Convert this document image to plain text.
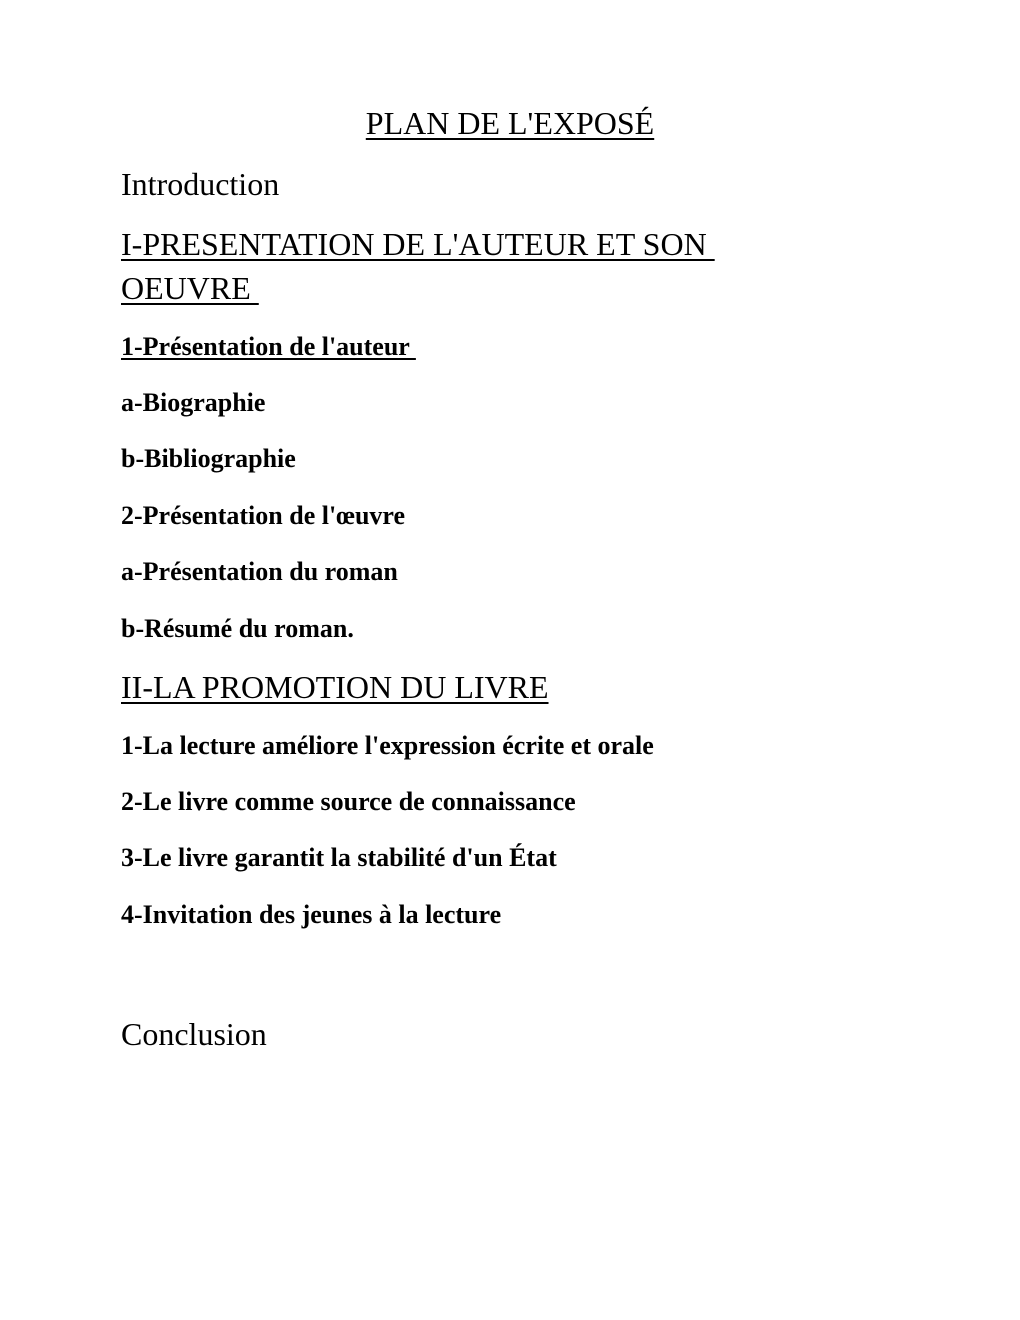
PLAN DE L'EXPOSÉ

Introduction

I-PRESENTATION DE L'AUTEUR ET SON

OEUVRE

1-Présentation de l'auteur

a-Biographie

b-Bibliographie

2-Présentation de l'œuvre

a-Présentation du roman

b-Résumé du roman.

II-LA PROMOTION DU LIVRE

1-La lecture améliore l'expression écrite et orale

2-Le livre comme source de connaissance

3-Le livre garantit la stabilité d'un État

4-Invitation des jeunes à la lecture

Conclusion
